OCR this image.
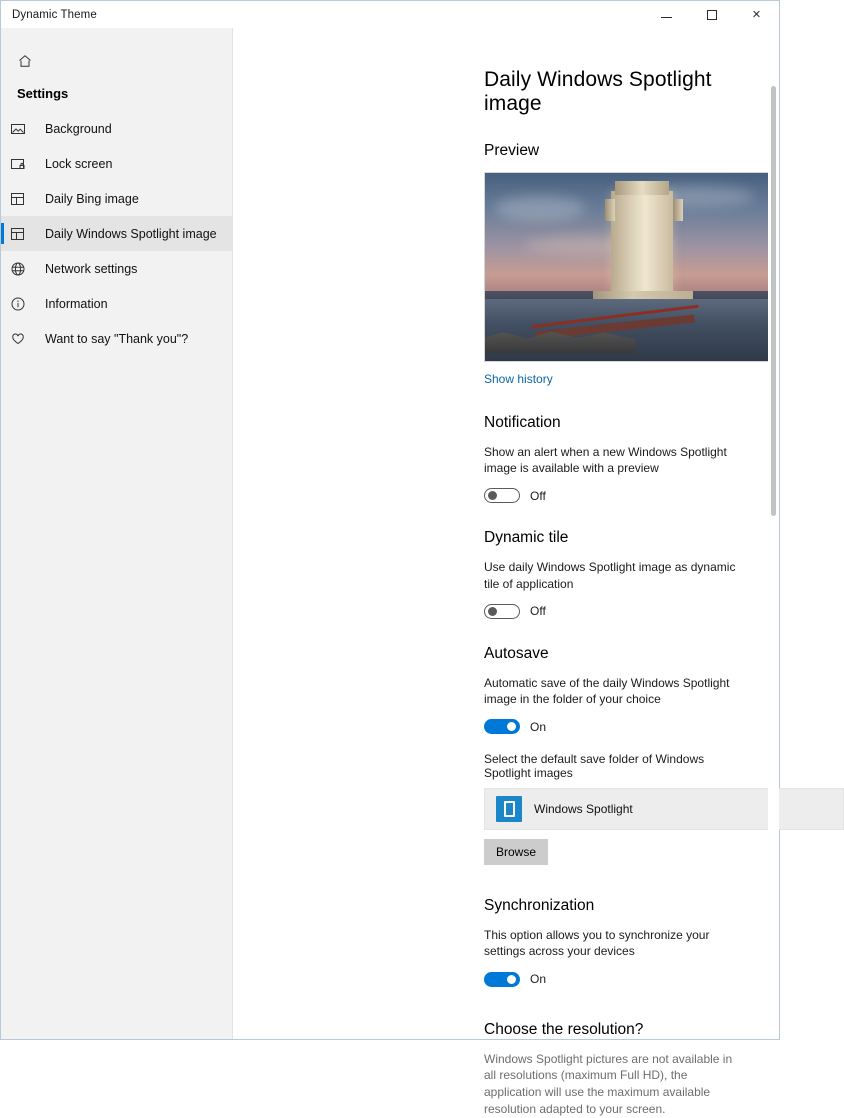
Dynamic Theme	✕
Settings
Background
Lock screen
Daily Bing image
Daily Windows Spotlight image
Network settings
Information
Want to say "Thank you"?
Daily Windows Spotlight image
Preview
Show history
Notification

Show an alert when a new Windows Spotlight image is available with a preview

Off
Dynamic tile

Use daily Windows Spotlight image as dynamic tile of application

Off
Autosave

Automatic save of the daily Windows Spotlight image in the folder of your choice

On
Select the default save folder of Windows Spotlight images
Windows Spotlight
Browse
Synchronization

This option allows you to synchronize your settings across your devices

On
Choose the resolution?

Windows Spotlight pictures are not available in all resolutions (maximum Full HD), the application will use the maximum available resolution adapted to your screen.
